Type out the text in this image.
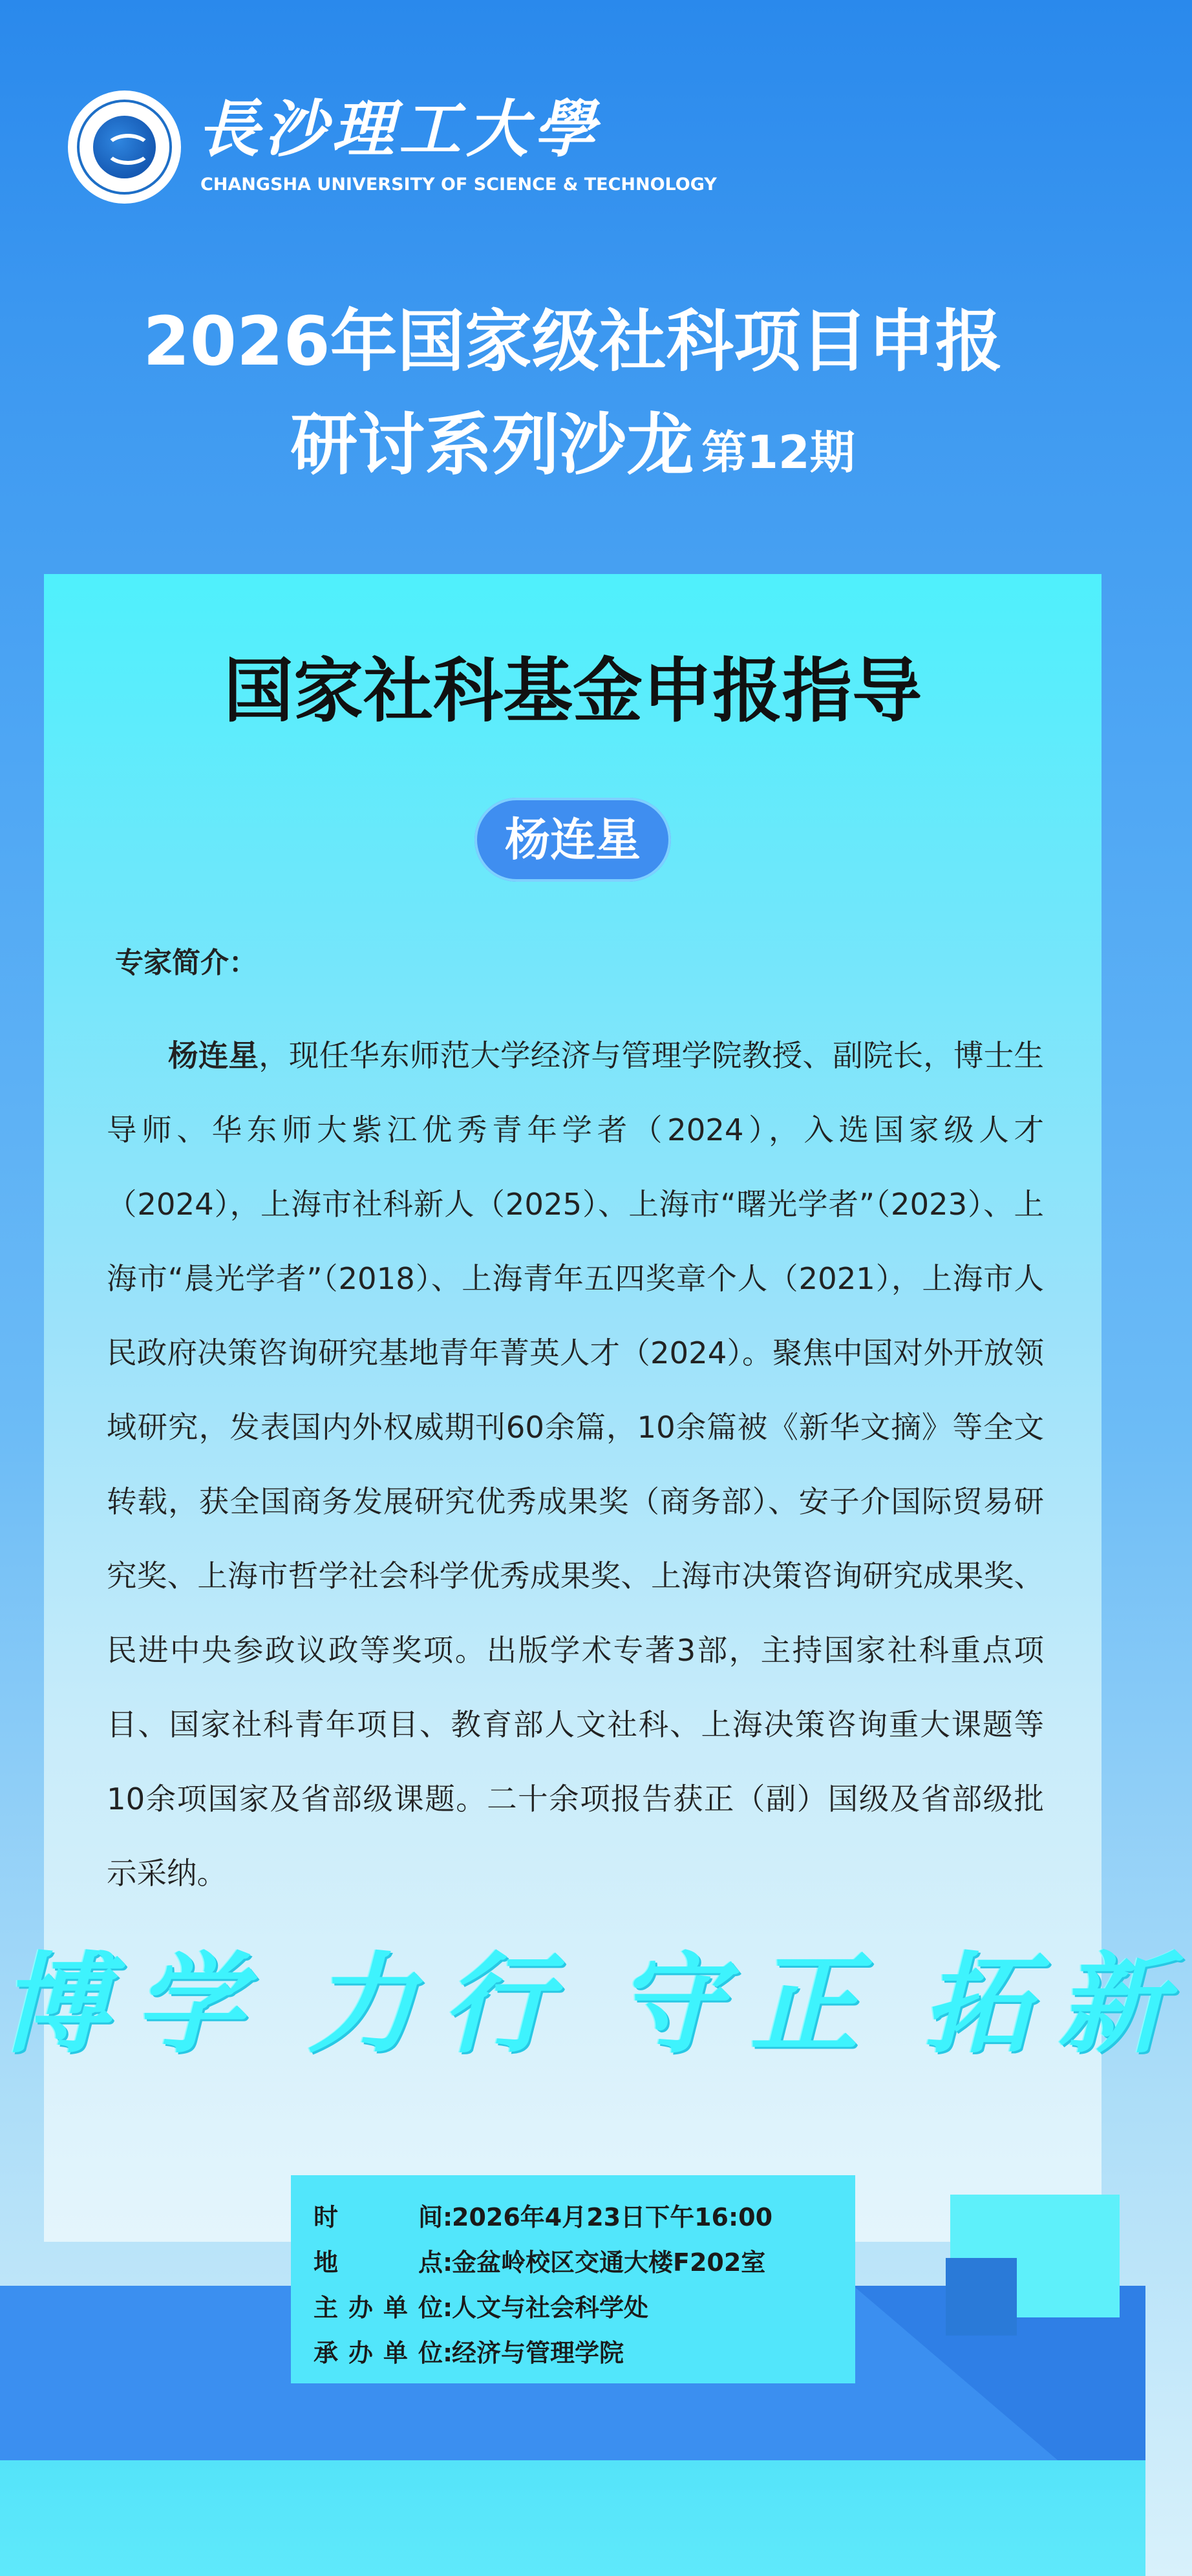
長沙理工大學
CHANGSHA UNIVERSITY OF SCIENCE & TECHNOLOGY
2026年国家级社科项目申报
研讨系列沙龙 第12期
国家社科基金申报指导
杨连星
专家简介：

杨连星，现任华东师范大学经济与管理学院教授、副院长，博士生导师、华东师大紫江优秀青年学者（2024），入选国家级人才（2024），上海市社科新人（2025）、上海市“曙光学者”（2023）、上海市“晨光学者”（2018）、上海青年五四奖章个人（2021），上海市人民政府决策咨询研究基地青年菁英人才（2024）。聚焦中国对外开放领域研究，发表国内外权威期刊60余篇，10余篇被《新华文摘》等全文转载，获全国商务发展研究优秀成果奖（商务部）、安子介国际贸易研究奖、上海市哲学社会科学优秀成果奖、上海市决策咨询研究成果奖、民进中央参政议政等奖项。出版学术专著3部，主持国家社科重点项目、国家社科青年项目、教育部人文社科、上海决策咨询重大课题等10余项国家及省部级课题。二十余项报告获正（副）国级及省部级批示采纳。

博学 力行 守正 拓新
时　　间:2026年4月23日下午16:00
地　　点:金盆岭校区交通大楼F202室
主办单位:人文与社会科学处
承办单位:经济与管理学院
